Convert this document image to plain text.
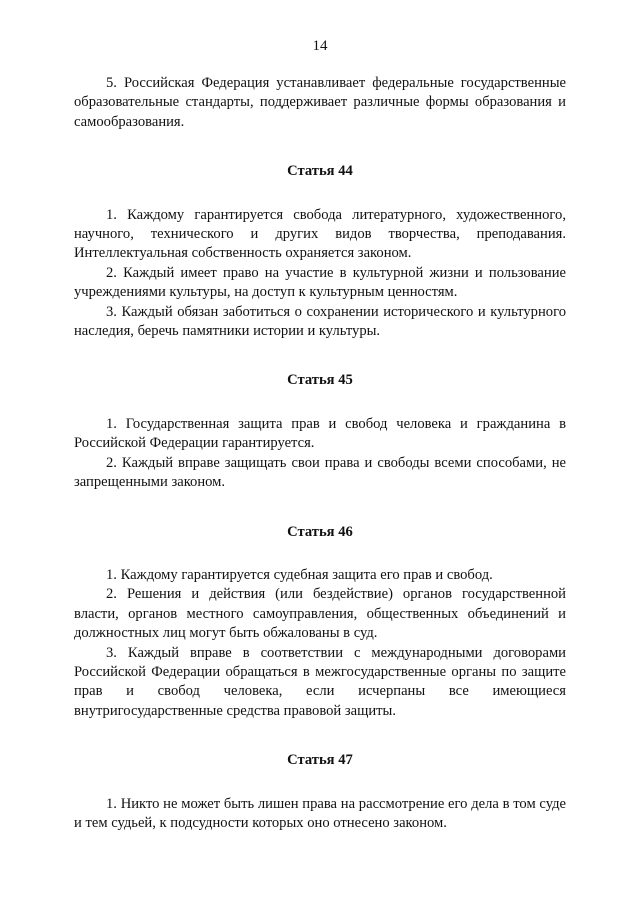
14

5. Российская Федерация устанавливает федеральные государственные образовательные стандарты, поддерживает различные формы образования и самообразования.

Статья 44

1. Каждому гарантируется свобода литературного, художественного, научного, технического и других видов творчества, преподавания. Интеллектуальная собственность охраняется законом.

2. Каждый имеет право на участие в культурной жизни и пользование учреждениями культуры, на доступ к культурным ценностям.

3. Каждый обязан заботиться о сохранении исторического и культурного наследия, беречь памятники истории и культуры.

Статья 45

1. Государственная защита прав и свобод человека и гражданина в Российской Федерации гарантируется.

2. Каждый вправе защищать свои права и свободы всеми способами, не запрещенными законом.

Статья 46

1. Каждому гарантируется судебная защита его прав и свобод.

2. Решения и действия (или бездействие) органов государственной власти, органов местного самоуправления, общественных объединений и должностных лиц могут быть обжалованы в суд.

3. Каждый вправе в соответствии с международными договорами Российской Федерации обращаться в межгосударственные органы по защите прав и свобод человека, если исчерпаны все имеющиеся внутригосударственные средства правовой защиты.

Статья 47

1. Никто не может быть лишен права на рассмотрение его дела в том суде и тем судьей, к подсудности которых оно отнесено законом.
